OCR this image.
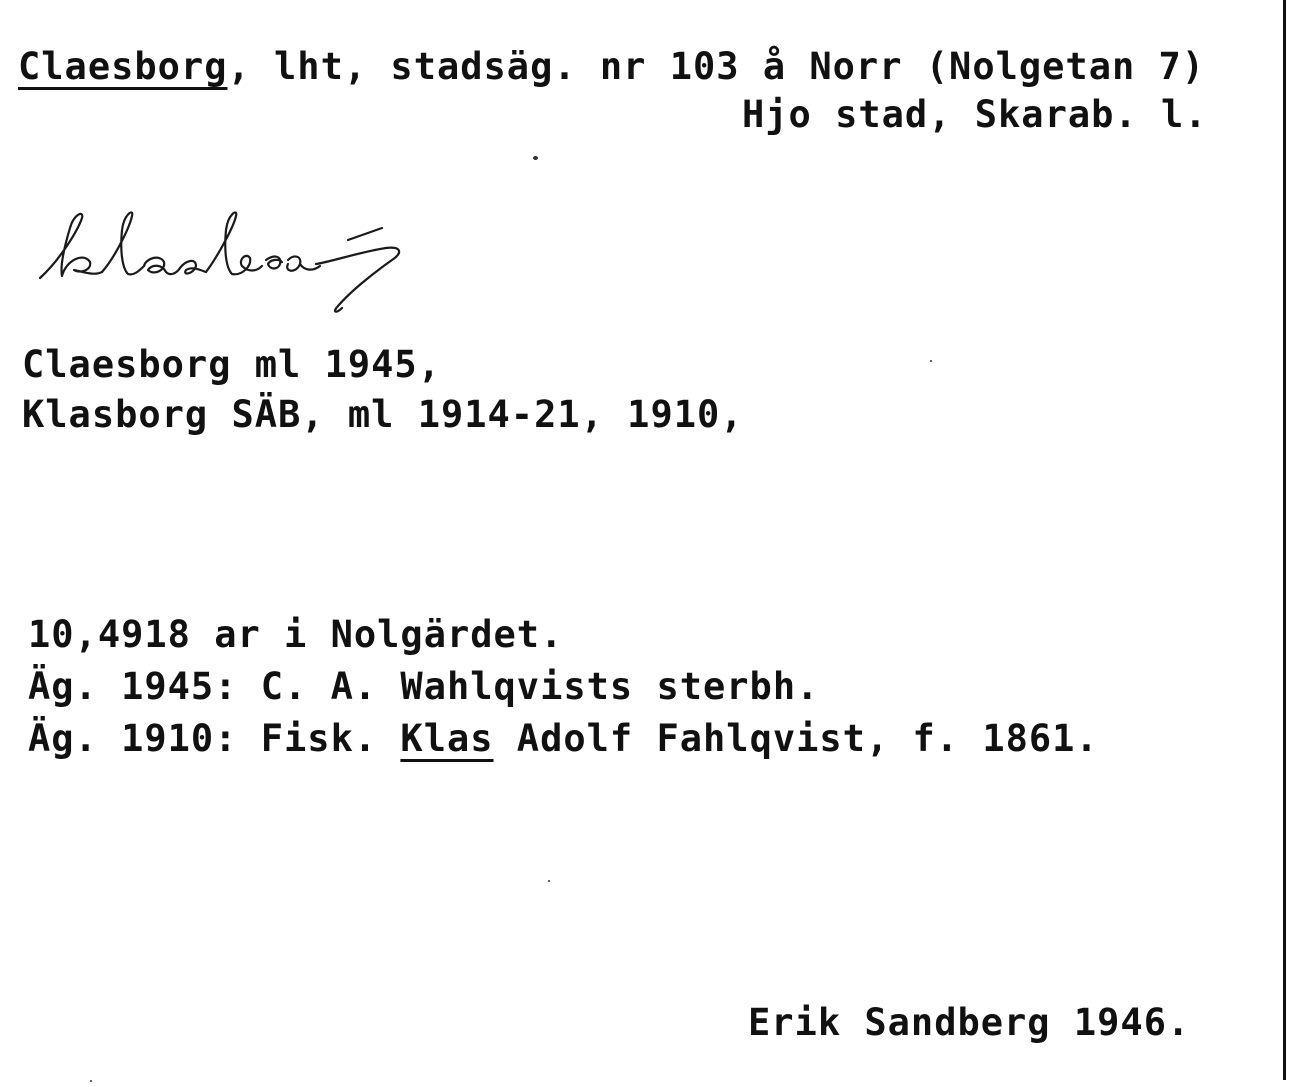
Claesborg, lht, stadsäg. nr 103 å Norr (Nolgetan 7)
Hjo stad, Skarab. l.
Claesborg ml 1945,
Klasborg SÄB, ml 1914-21, 1910,
10,4918 ar i Nolgärdet.
Äg. 1945: C. A. Wahlqvists sterbh.
Äg. 1910: Fisk. Klas Adolf Fahlqvist, f. 1861.
Erik Sandberg 1946.
